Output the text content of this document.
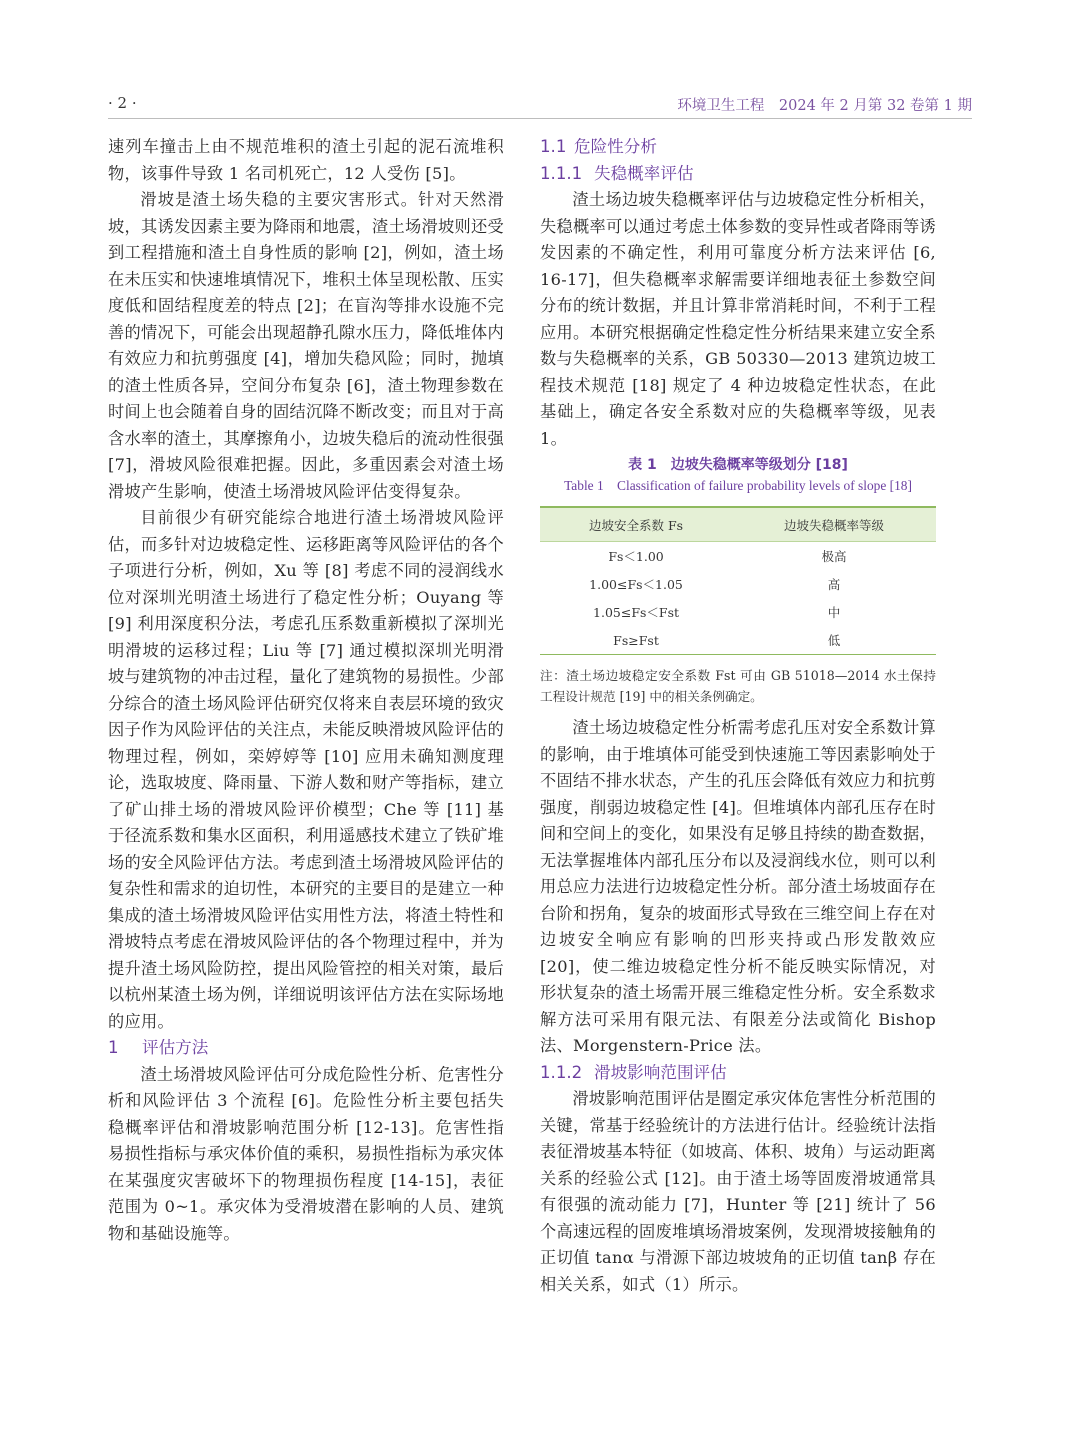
· 2 ·	环境卫生工程　2024 年 2 月第 32 卷第 1 期

速列车撞击上由不规范堆积的渣土引起的泥石流堆积物，该事件导致 1 名司机死亡，12 人受伤 [5]。

滑坡是渣土场失稳的主要灾害形式。针对天然滑坡，其诱发因素主要为降雨和地震，渣土场滑坡则还受到工程措施和渣土自身性质的影响 [2]，例如，渣土场在未压实和快速堆填情况下，堆积土体呈现松散、压实度低和固结程度差的特点 [2]；在盲沟等排水设施不完善的情况下，可能会出现超静孔隙水压力，降低堆体内有效应力和抗剪强度 [4]，增加失稳风险；同时，抛填的渣土性质各异，空间分布复杂 [6]，渣土物理参数在时间上也会随着自身的固结沉降不断改变；而且对于高含水率的渣土，其摩擦角小，边坡失稳后的流动性很强 [7]，滑坡风险很难把握。因此，多重因素会对渣土场滑坡产生影响，使渣土场滑坡风险评估变得复杂。

目前很少有研究能综合地进行渣土场滑坡风险评估，而多针对边坡稳定性、运移距离等风险评估的各个子项进行分析，例如，Xu 等 [8] 考虑不同的浸润线水位对深圳光明渣土场进行了稳定性分析；Ouyang 等 [9] 利用深度积分法，考虑孔压系数重新模拟了深圳光明滑坡的运移过程；Liu 等 [7] 通过模拟深圳光明滑坡与建筑物的冲击过程，量化了建筑物的易损性。少部分综合的渣土场风险评估研究仅将来自表层环境的致灾因子作为风险评估的关注点，未能反映滑坡风险评估的物理过程，例如，栾婷婷等 [10] 应用未确知测度理论，选取坡度、降雨量、下游人数和财产等指标，建立了矿山排土场的滑坡风险评价模型；Che 等 [11] 基于径流系数和集水区面积，利用遥感技术建立了铁矿堆场的安全风险评估方法。考虑到渣土场滑坡风险评估的复杂性和需求的迫切性，本研究的主要目的是建立一种集成的渣土场滑坡风险评估实用性方法，将渣土特性和滑坡特点考虑在滑坡风险评估的各个物理过程中，并为提升渣土场风险防控，提出风险管控的相关对策，最后以杭州某渣土场为例，详细说明该评估方法在实际场地的应用。

1 评估方法

渣土场滑坡风险评估可分成危险性分析、危害性分析和风险评估 3 个流程 [6]。危险性分析主要包括失稳概率评估和滑坡影响范围分析 [12-13]。危害性指易损性指标与承灾体价值的乘积，易损性指标为承灾体在某强度灾害破坏下的物理损伤程度 [14-15]，表征范围为 0~1。承灾体为受滑坡潜在影响的人员、建筑物和基础设施等。

1.1 危险性分析

1.1.1 失稳概率评估

渣土场边坡失稳概率评估与边坡稳定性分析相关，失稳概率可以通过考虑土体参数的变异性或者降雨等诱发因素的不确定性，利用可靠度分析方法来评估 [6, 16-17]，但失稳概率求解需要详细地表征土参数空间分布的统计数据，并且计算非常消耗时间，不利于工程应用。本研究根据确定性稳定性分析结果来建立安全系数与失稳概率的关系，GB 50330—2013 建筑边坡工程技术规范 [18] 规定了 4 种边坡稳定性状态，在此基础上，确定各安全系数对应的失稳概率等级，见表 1。

表 1　边坡失稳概率等级划分 [18]

Table 1　Classification of failure probability levels of slope [18]

边坡安全系数 Fs	边坡失稳概率等级
Fs＜1.00	极高
1.00≤Fs＜1.05	高
1.05≤Fs＜Fst	中
Fs≥Fst	低

注：渣土场边坡稳定安全系数 Fst 可由 GB 51018—2014 水土保持工程设计规范 [19] 中的相关条例确定。

渣土场边坡稳定性分析需考虑孔压对安全系数计算的影响，由于堆填体可能受到快速施工等因素影响处于不固结不排水状态，产生的孔压会降低有效应力和抗剪强度，削弱边坡稳定性 [4]。但堆填体内部孔压存在时间和空间上的变化，如果没有足够且持续的勘查数据，无法掌握堆体内部孔压分布以及浸润线水位，则可以利用总应力法进行边坡稳定性分析。部分渣土场坡面存在台阶和拐角，复杂的坡面形式导致在三维空间上存在对边坡安全响应有影响的凹形夹持或凸形发散效应 [20]，使二维边坡稳定性分析不能反映实际情况，对形状复杂的渣土场需开展三维稳定性分析。安全系数求解方法可采用有限元法、有限差分法或简化 Bishop 法、Morgenstern-Price 法。

1.1.2 滑坡影响范围评估

滑坡影响范围评估是圈定承灾体危害性分析范围的关键，常基于经验统计的方法进行估计。经验统计法指表征滑坡基本特征（如坡高、体积、坡角）与运动距离关系的经验公式 [12]。由于渣土场等固废滑坡通常具有很强的流动能力 [7]，Hunter 等 [21] 统计了 56 个高速远程的固废堆填场滑坡案例，发现滑坡接触角的正切值 tanα 与滑源下部边坡坡角的正切值 tanβ 存在相关关系，如式（1）所示。
